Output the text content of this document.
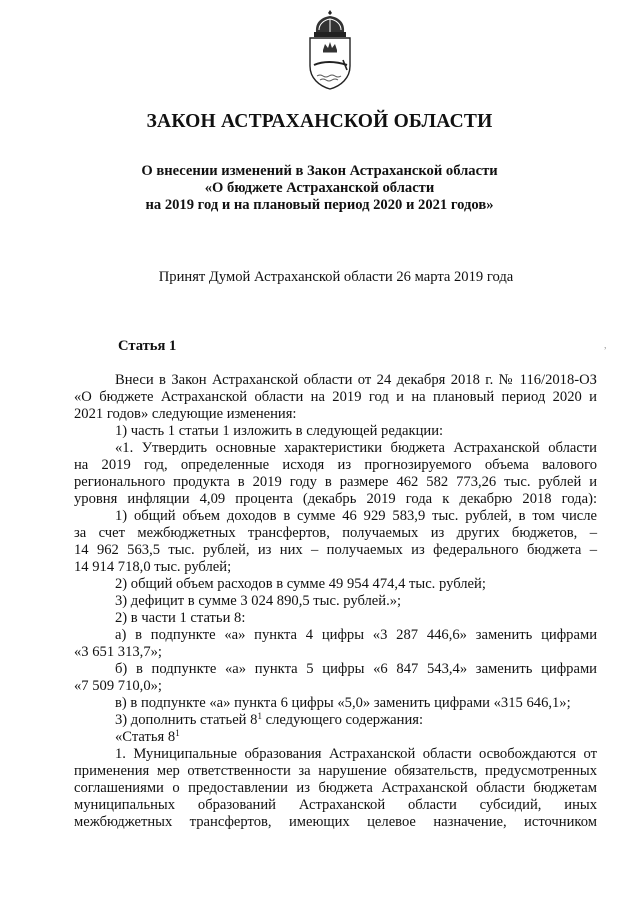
ЗАКОН АСТРАХАНСКОЙ ОБЛАСТИ
О внесении изменений в Закон Астраханской области
«О бюджете Астраханской области
на 2019 год и на плановый период 2020 и 2021 годов»
Принят Думой Астраханской области 26 марта 2019 года
Статья 1	,
Внеси в Закон Астраханской области от 24 декабря 2018 г. № 116/2018-ОЗ
«О бюджете Астраханской области на 2019 год и на плановый период 2020 и
2021 годов» следующие изменения:
1) часть 1 статьи 1 изложить в следующей редакции:
«1. Утвердить основные характеристики бюджета Астраханской области
на 2019 год, определенные исходя из прогнозируемого объема валового
регионального продукта в 2019 году в размере 462 582 773,26 тыс. рублей и
уровня инфляции 4,09 процента (декабрь 2019 года к декабрю 2018 года):
1) общий объем доходов в сумме 46 929 583,9 тыс. рублей, в том числе
за счет межбюджетных трансфертов, получаемых из других бюджетов, –
14 962 563,5 тыс. рублей, из них – получаемых из федерального бюджета –
14 914 718,0 тыс. рублей;
2) общий объем расходов в сумме 49 954 474,4 тыс. рублей;
3) дефицит в сумме 3 024 890,5 тыс. рублей.»;
2) в части 1 статьи 8:
а) в подпункте «а» пункта 4 цифры «3 287 446,6» заменить цифрами
«3 651 313,7»;
б) в подпункте «а» пункта 5 цифры «6 847 543,4» заменить цифрами
«7 509 710,0»;
в) в подпункте «а» пункта 6 цифры «5,0» заменить цифрами «315 646,1»;
3) дополнить статьей $8^1$ следующего содержания:
«Статья $8^1$
1. Муниципальные образования Астраханской области освобождаются от
применения мер ответственности за нарушение обязательств, предусмотренных
соглашениями о предоставлении из бюджета Астраханской области бюджетам
муниципальных образований Астраханской области субсидий, иных
межбюджетных трансфертов, имеющих целевое назначение, источником
